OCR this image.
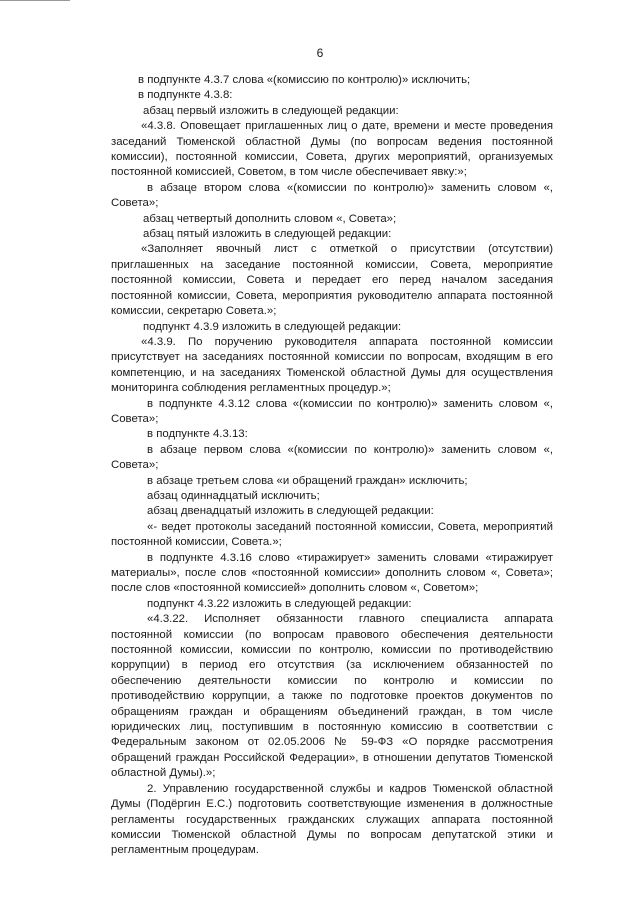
6

в подпункте 4.3.7 слова «(комиссию по контролю)» исключить;

в подпункте 4.3.8:

абзац первый изложить в следующей редакции:

«4.3.8. Оповещает приглашенных лиц о дате, времени и месте проведения заседаний Тюменской областной Думы (по вопросам ведения постоянной комиссии), постоянной комиссии, Совета, других мероприятий, организуемых постоянной комиссией, Советом, в том числе обеспечивает явку:»;

в абзаце втором слова «(комиссии по контролю)» заменить словом «, Совета»;

абзац четвертый дополнить словом «, Совета»;

абзац пятый изложить в следующей редакции:

«Заполняет явочный лист с отметкой о присутствии (отсутствии) приглашенных на заседание постоянной комиссии, Совета, мероприятие постоянной комиссии, Совета и передает его перед началом заседания постоянной комиссии, Совета, мероприятия руководителю аппарата постоянной комиссии, секретарю Совета.»;

подпункт 4.3.9 изложить в следующей редакции:

«4.3.9. По поручению руководителя аппарата постоянной комиссии присутствует на заседаниях постоянной комиссии по вопросам, входящим в его компетенцию, и на заседаниях Тюменской областной Думы для осуществления мониторинга соблюдения регламентных процедур.»;

в подпункте 4.3.12 слова «(комиссии по контролю)» заменить словом «, Совета»;

в подпункте 4.3.13:

в абзаце первом слова «(комиссии по контролю)» заменить словом «, Совета»;

в абзаце третьем слова «и обращений граждан» исключить;

абзац одиннадцатый исключить;

абзац двенадцатый изложить в следующей редакции:

«- ведет протоколы заседаний постоянной комиссии, Совета, мероприятий постоянной комиссии, Совета.»;

в подпункте 4.3.16 слово «тиражирует» заменить словами «тиражирует материалы», после слов «постоянной комиссии» дополнить словом «, Совета»; после слов «постоянной комиссией» дополнить словом «, Советом»;

подпункт 4.3.22 изложить в следующей редакции:

«4.3.22. Исполняет обязанности главного специалиста аппарата постоянной комиссии (по вопросам правового обеспечения деятельности постоянной комиссии, комиссии по контролю, комиссии по противодействию коррупции) в период его отсутствия (за исключением обязанностей по обеспечению деятельности комиссии по контролю и комиссии по противодействию коррупции, а также по подготовке проектов документов по обращениям граждан и обращениям объединений граждан, в том числе юридических лиц, поступившим в постоянную комиссию в соответствии с Федеральным законом от 02.05.2006 № 59-ФЗ «О порядке рассмотрения обращений граждан Российской Федерации», в отношении депутатов Тюменской областной Думы).»;

2. Управлению государственной службы и кадров Тюменской областной Думы (Подёргин Е.С.) подготовить соответствующие изменения в должностные регламенты государственных гражданских служащих аппарата постоянной комиссии Тюменской областной Думы по вопросам депутатской этики и регламентным процедурам.
